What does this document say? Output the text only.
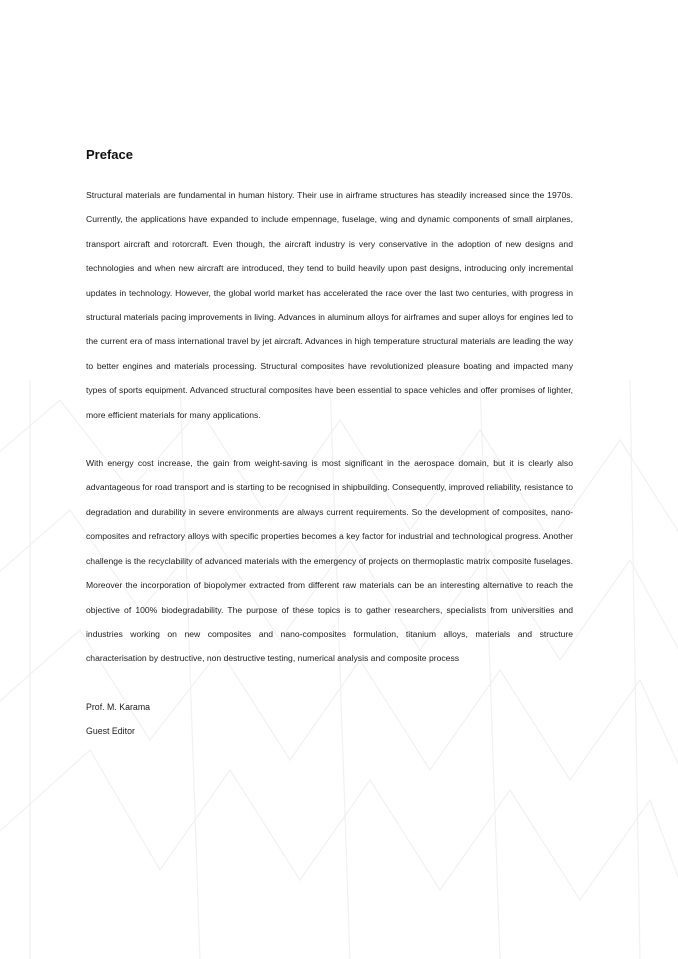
Preface

Structural materials are fundamental in human history. Their use in airframe structures has steadily increased since the 1970s. Currently, the applications have expanded to include empennage, fuselage, wing and dynamic components of small airplanes, transport aircraft and rotorcraft. Even though, the aircraft industry is very conservative in the adoption of new designs and technologies and when new aircraft are introduced, they tend to build heavily upon past designs, introducing only incremental updates in technology. However, the global world market has accelerated the race over the last two centuries, with progress in structural materials pacing improvements in living. Advances in aluminum alloys for airframes and super alloys for engines led to the current era of mass international travel by jet aircraft. Advances in high temperature structural materials are leading the way to better engines and materials processing. Structural composites have revolutionized pleasure boating and impacted many types of sports equipment. Advanced structural composites have been essential to space vehicles and offer promises of lighter, more efficient materials for many applications.

With energy cost increase, the gain from weight-saving is most significant in the aerospace domain, but it is clearly also advantageous for road transport and is starting to be recognised in shipbuilding. Consequently, improved reliability, resistance to degradation and durability in severe environments are always current requirements. So the development of composites, nano-composites and refractory alloys with specific properties becomes a key factor for industrial and technological progress. Another challenge is the recyclability of advanced materials with the emergency of projects on thermoplastic matrix composite fuselages. Moreover the incorporation of biopolymer extracted from different raw materials can be an interesting alternative to reach the objective of 100% biodegradability. The purpose of these topics is to gather researchers, specialists from universities and industries working on new composites and nano-composites formulation, titanium alloys, materials and structure characterisation by destructive, non destructive testing, numerical analysis and composite process

Prof. M. Karama
Guest Editor
